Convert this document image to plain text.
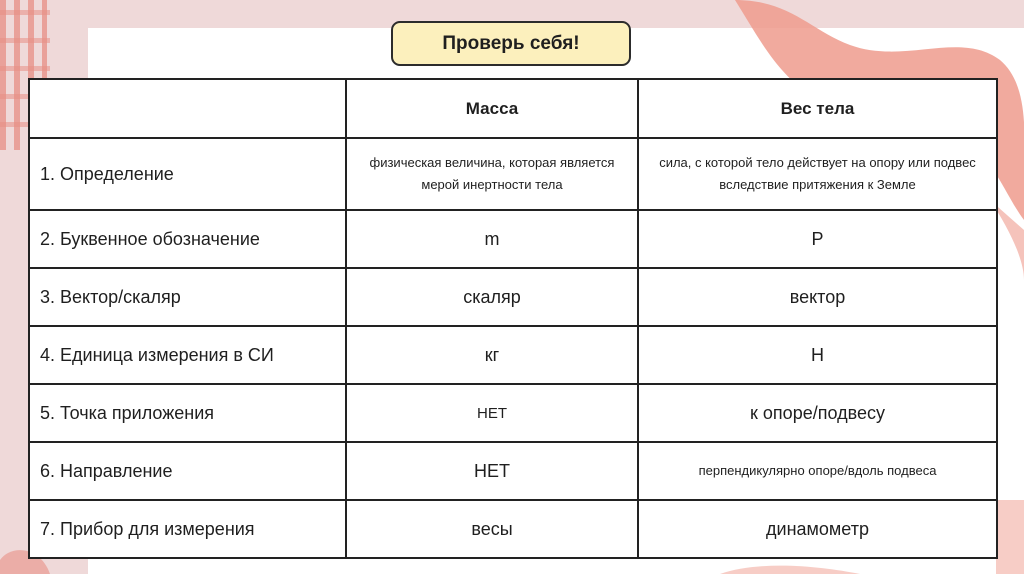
Проверь себя!
	Масса	Вес тела
1. Определение	физическая величина, которая является мерой инертности тела	сила, с которой тело действует на опору или подвес вследствие притяжения к Земле
2. Буквенное обозначение	m	P
3. Вектор/скаляр	скаляр	вектор
4. Единица измерения в СИ	кг	Н
5. Точка приложения	НЕТ	к опоре/подвесу
6. Направление	НЕТ	перпендикулярно опоре/вдоль подвеса
7. Прибор для измерения	весы	динамометр
